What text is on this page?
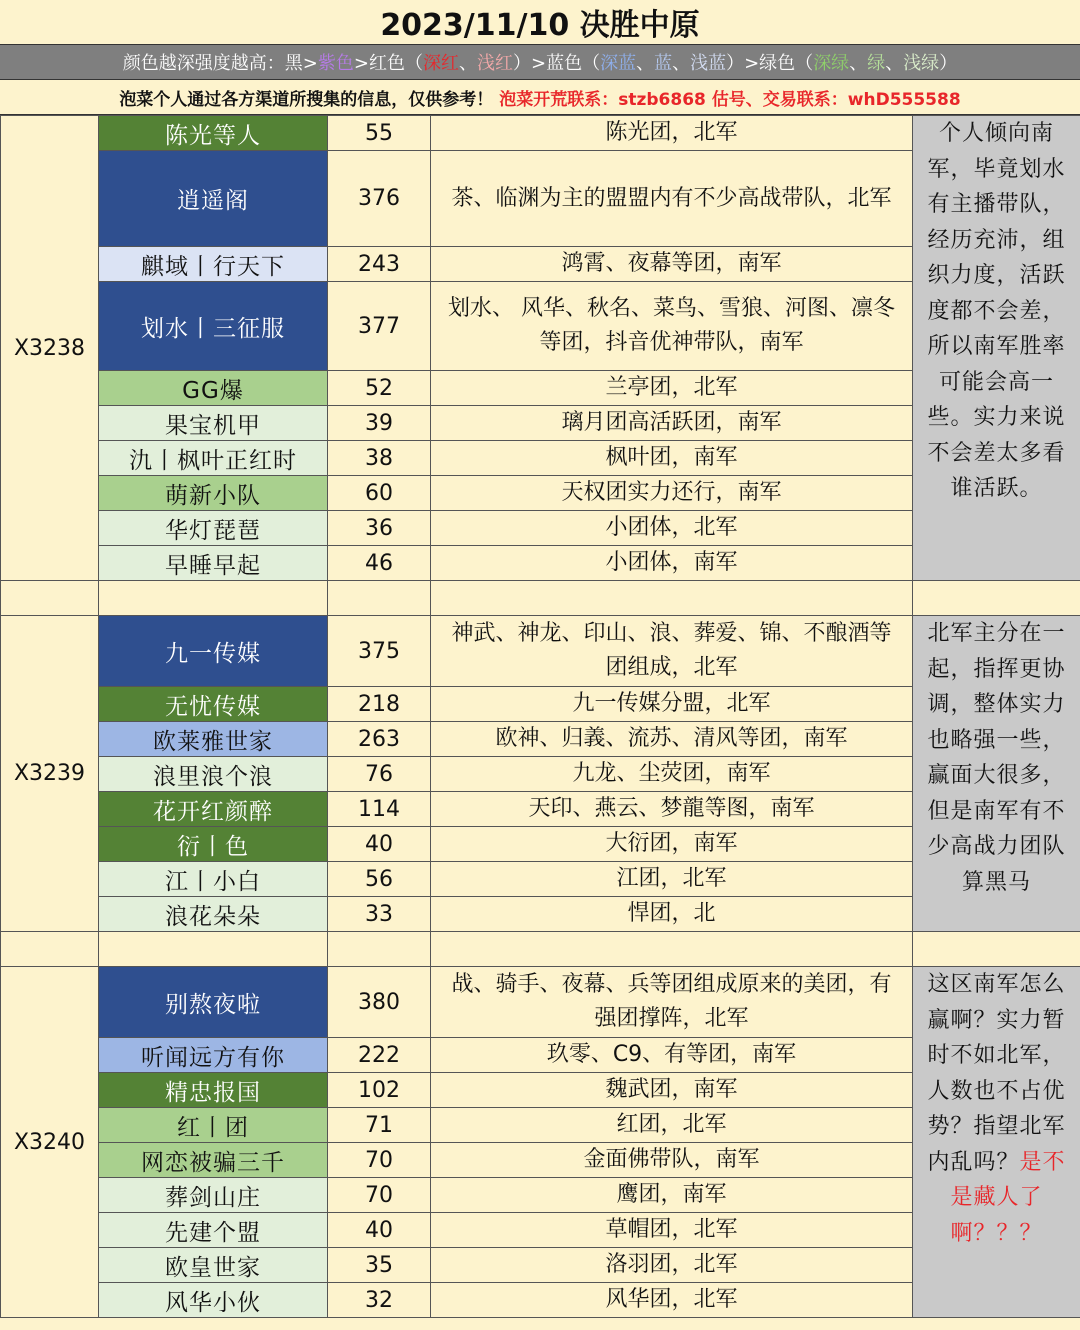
2023/11/10 决胜中原
颜色越深强度越高：黑> 紫色 >红色（ 深红 、 浅红 ）>蓝色（ 深蓝 、 蓝 、 浅蓝 ）>绿色（ 深绿 、 绿 、 浅绿 ）
泡菜个人通过各方渠道所搜集的信息，仅供参考！
泡菜开荒联系：stzb6868 估号、交易联系：whD555588
X3238	陈光等人	55	陈光团，北军	个人倾向南军，毕竟划水有主播带队，经历充沛，组织力度，活跃度都不会差，所以南军胜率可能会高一些。实力来说不会差太多看谁活跃。
	逍遥阁	376	茶、临渊为主的盟盟内有不少高战带队，北军	
	麒域丨行天下	243	鸿霄、夜幕等团，南军	
	划水丨三征服	377	划水、 风华、秋名、菜鸟、雪狼、河图、凛冬等团，抖音优神带队，南军	
	GG爆	52	兰亭团，北军	
	果宝机甲	39	璃月团高活跃团，南军	
	氿丨枫叶正红时	38	枫叶团，南军	
	萌新小队	60	天权团实力还行，南军	
	华灯琵琶	36	小团体，北军	
	早睡早起	46	小团体，南军	

X3239	九一传媒	375	神武、神龙、印山、浪、葬爱、锦、不酿酒等团组成，北军	北军主分在一起，指挥更协调，整体实力也略强一些，赢面大很多，但是南军有不少高战力团队算黑马
	无忧传媒	218	九一传媒分盟，北军	
	欧莱雅世家	263	欧神、归義、流苏、清风等团，南军	
	浪里浪个浪	76	九龙、尘荧团，南军	
	花开红颜醉	114	天印、燕云、梦龍等图，南军	
	衍丨色	40	大衍团，南军	
	江丨小白	56	江团，北军	
	浪花朵朵	33	悍团，北	

X3240	别熬夜啦	380	战、骑手、夜幕、兵等团组成原来的美团，有强团撑阵，北军	这区南军怎么赢啊？实力暂时不如北军，人数也不占优势？指望北军内乱吗？是不是藏人了啊？？？
	听闻远方有你	222	玖零、C9、有等团，南军	
	精忠报国	102	魏武团，南军	
	红丨团	71	红团，北军	
	网恋被骗三千	70	金面佛带队，南军	
	葬剑山庄	70	鹰团，南军	
	先建个盟	40	草帽团，北军	
	欧皇世家	35	洛羽团，北军	
	风华小伙	32	风华团，北军	
